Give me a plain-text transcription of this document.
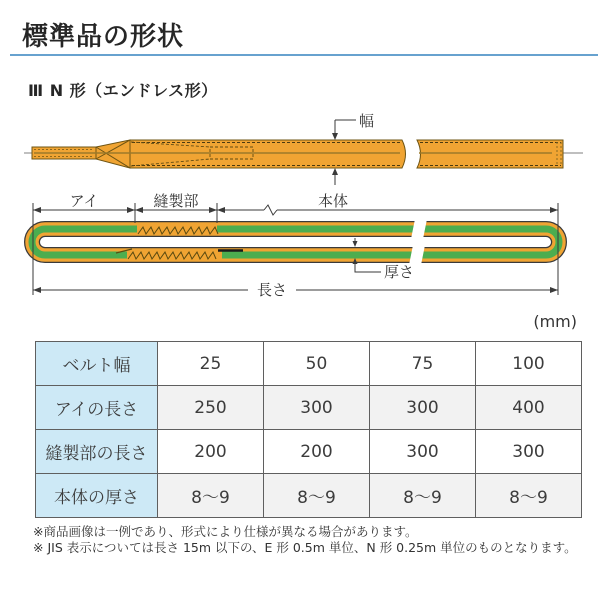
標準品の形状
Ⅲ N 形（エンドレス形）
幅
アイ	縫製部	本体
厚さ
長さ
(mm)
ベルト幅	25	50	75	100
アイの長さ	250	300	300	400
縫製部の長さ	200	200	300	300
本体の厚さ	8～9	8～9	8～9	8～9
※商品画像は一例であり、形式により仕様が異なる場合があります。
※ JIS 表示については長さ 15m 以下の、E 形 0.5m 単位、N 形 0.25m 単位のものとなります。
